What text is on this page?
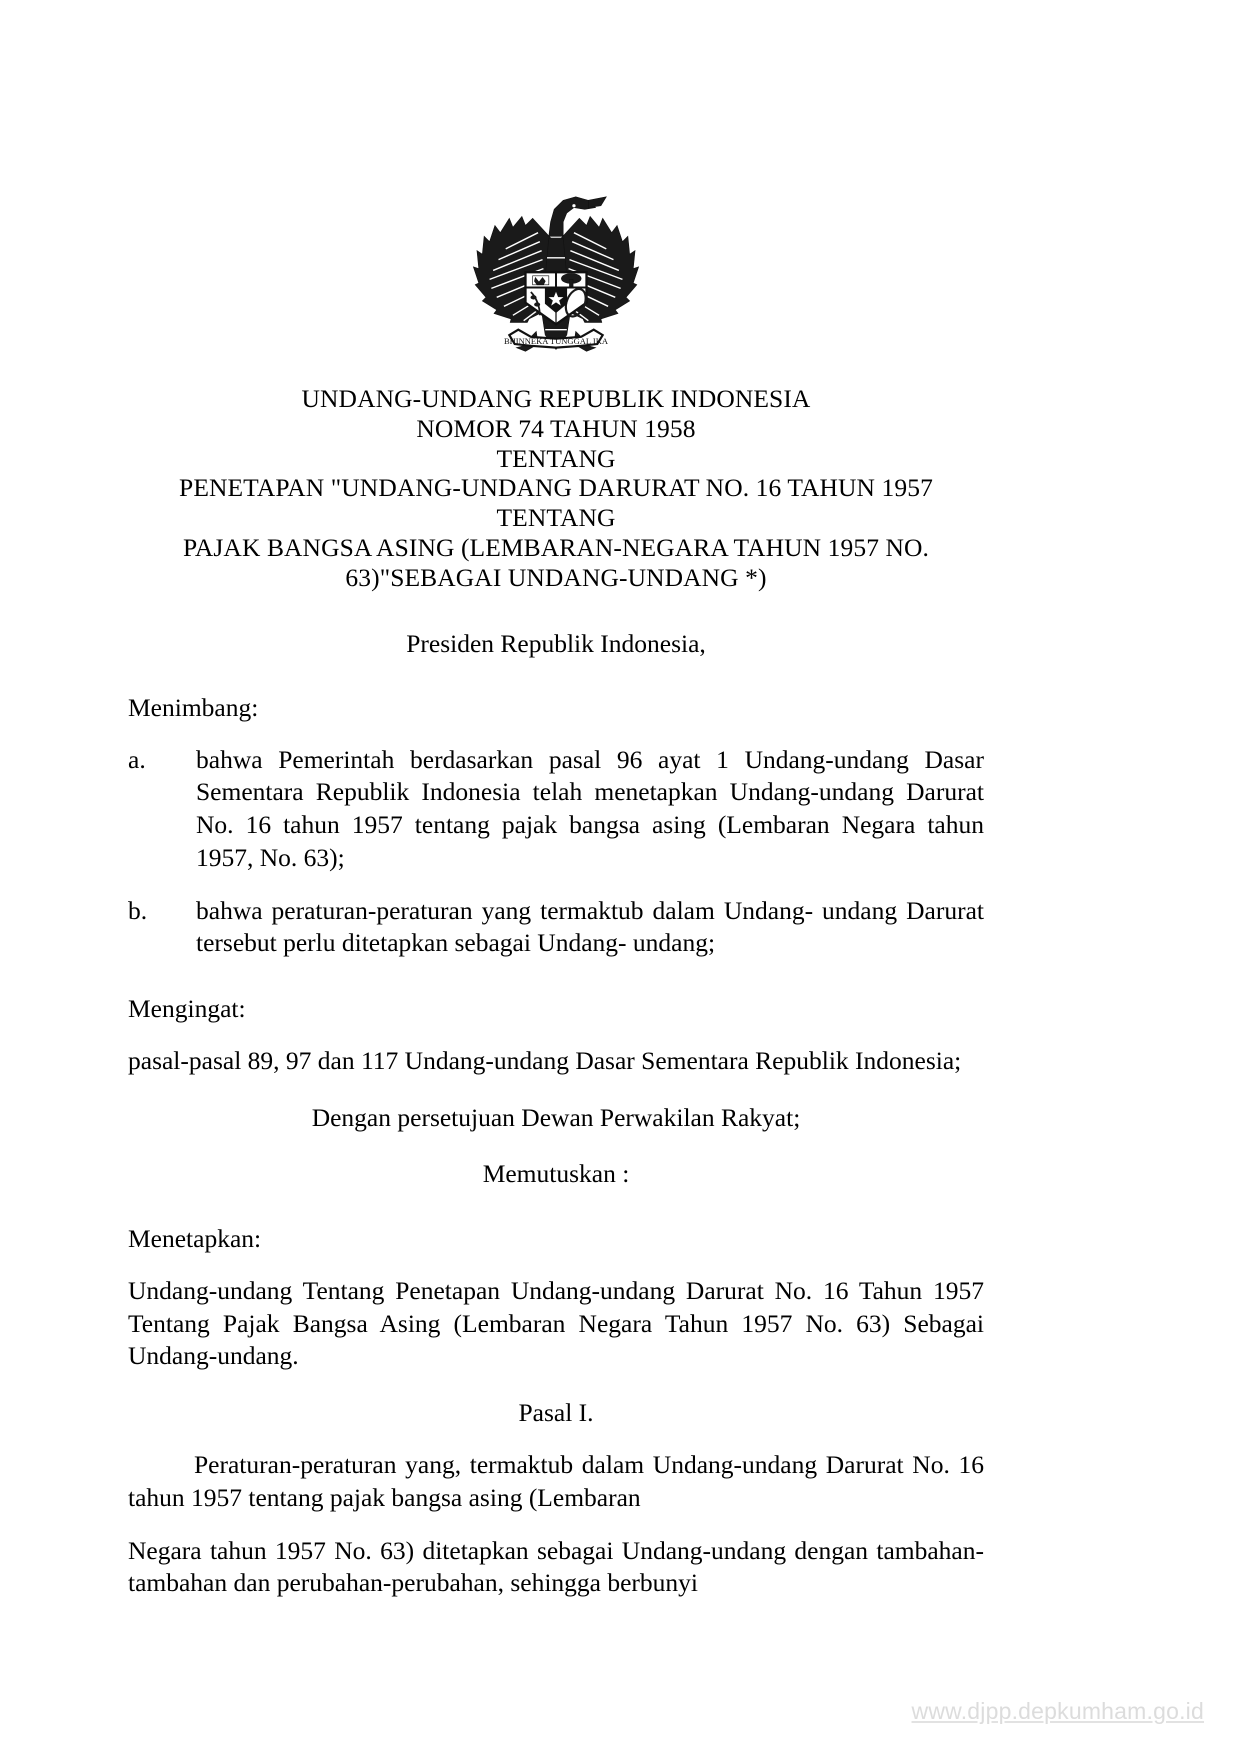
BHINNEKA TUNGGAL IKA
UNDANG-UNDANG REPUBLIK INDONESIA
NOMOR 74 TAHUN 1958
TENTANG
PENETAPAN "UNDANG-UNDANG DARURAT NO. 16 TAHUN 1957
TENTANG
PAJAK BANGSA ASING (LEMBARAN-NEGARA TAHUN 1957 NO. 63)"SEBAGAI UNDANG-UNDANG *)
Presiden Republik Indonesia,
Menimbang:
a.	bahwa Pemerintah berdasarkan pasal 96 ayat 1 Undang-undang Dasar Sementara Republik Indonesia telah menetapkan Undang-undang Darurat No. 16 tahun 1957 tentang pajak bangsa asing (Lembaran Negara tahun 1957, No. 63);
b.	bahwa peraturan-peraturan yang termaktub dalam Undang- undang Darurat tersebut perlu ditetapkan sebagai Undang- undang;
Mengingat:
pasal-pasal 89, 97 dan 117 Undang-undang Dasar Sementara Republik Indonesia;
Dengan persetujuan Dewan Perwakilan Rakyat;
Memutuskan :
Menetapkan:
Undang-undang Tentang Penetapan Undang-undang Darurat No. 16 Tahun 1957 Tentang Pajak Bangsa Asing (Lembaran Negara Tahun 1957 No. 63) Sebagai Undang-undang.
Pasal I.
Peraturan-peraturan yang, termaktub dalam Undang-undang Darurat No. 16 tahun 1957 tentang pajak bangsa asing (Lembaran
Negara tahun 1957 No. 63) ditetapkan sebagai Undang-undang dengan tambahan-tambahan dan perubahan-perubahan, sehingga berbunyi
www.djpp.depkumham.go.id
